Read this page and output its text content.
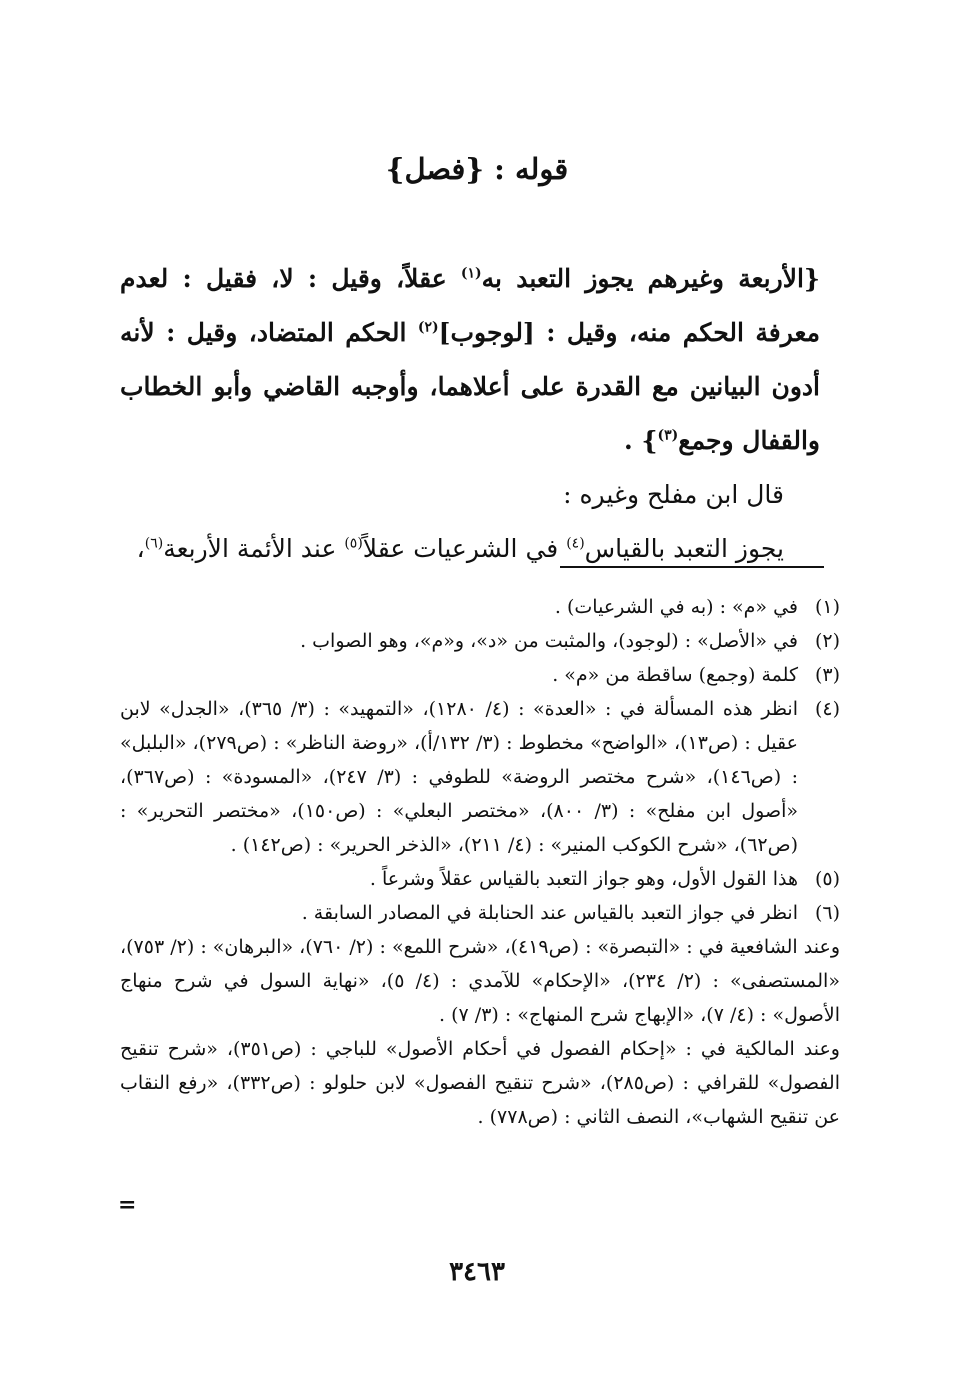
قوله : {فصل}

{الأربعة وغيرهم يجوز التعبد به$^{(١)}$ عقلاً، وقيل : لا، فقيل : لعدم معرفة الحكم منه، وقيل : [لوجوب]$^{(٢)}$ الحكم المتضاد، وقيل : لأنه أدون البيانين مع القدرة على أعلاهما، وأوجبه القاضي وأبو الخطاب والقفال وجمع$^{(٣)}$} .

قال ابن مفلح وغيره :

يجوز التعبد بالقياس$^{(٤)}$ في الشرعيات عقلاً$^{(٥)}$ عند الأئمة الأربعة$^{(٦)}$،

(١)

في «م» : (به في الشرعيات) .

(٢)

في «الأصل» : (لوجود)، والمثبت من «د»، و«م»، وهو الصواب .

(٣)

كلمة (وجمع) ساقطة من «م» .

(٤)

انظر هذه المسألة في : «العدة» : (٤/ ١٢٨٠)، «التمهيد» : (٣/ ٣٦٥)، «الجدل» لابن عقيل : (ص١٣)، «الواضح» مخطوط : (٣/ ١٣٢/أ)، «روضة الناظر» : (ص٢٧٩)، «البلبل» : (ص١٤٦)، «شرح مختصر الروضة» للطوفي : (٣/ ٢٤٧)، «المسودة» : (ص٣٦٧)، «أصول ابن مفلح» : (٣/ ٨٠٠)، «مختصر البعلي» : (ص١٥٠)، «مختصر التحرير» : (ص٦٢)، «شرح الكوكب المنير» : (٤/ ٢١١)، «الذخر الحرير» : (ص١٤٢) .

(٥)

هذا القول الأول، وهو جواز التعبد بالقياس عقلاً وشرعاً .

(٦)

انظر في جواز التعبد بالقياس عند الحنابلة في المصادر السابقة .

وعند الشافعية في : «التبصرة» : (ص٤١٩)، «شرح اللمع» : (٢/ ٧٦٠)، «البرهان» : (٢/ ٧٥٣)، «المستصفى» : (٢/ ٢٣٤)، «الإحكام» للآمدي : (٤/ ٥)، «نهاية السول في شرح منهاج الأصول» : (٤/ ٧)، «الإبهاج شرح المنهاج» : (٣/ ٧) .

وعند المالكية في : «إحكام الفصول في أحكام الأصول» للباجي : (ص٣٥١)، «شرح تنقيح الفصول» للقرافي : (ص٢٨٥)، «شرح تنقيح الفصول» لابن حلولو : (ص٣٣٢)، «رفع النقاب عن تنقيح الشهاب»، النصف الثاني : (ص٧٧٨) .

=
٣٤٦٣
